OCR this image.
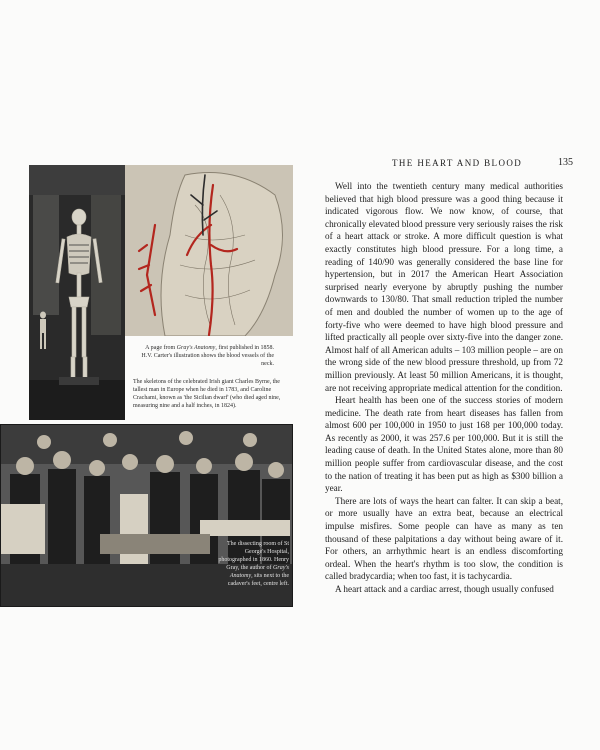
A page from Gray's Anatomy, first published in 1858. H.V. Carter's illustration shows the blood vessels of the neck.
The skeletons of the celebrated Irish giant Charles Byrne, the tallest man in Europe when he died in 1783, and Caroline Crachami, known as 'the Sicilian dwarf' (who died aged nine, measuring nine and a half inches, in 1824).
The dissecting room of St George's Hospital, photographed in 1860. Henry Gray, the author of Gray's Anatomy, sits next to the cadaver's feet, centre left.
THE HEART AND BLOOD	135

Well into the twentieth century many medical authorities believed that high blood pressure was a good thing because it indicated vigorous flow. We now know, of course, that chronically elevated blood pressure very seriously raises the risk of a heart attack or stroke. A more difficult question is what exactly constitutes high blood pressure. For a long time, a reading of 140/90 was generally considered the base line for hypertension, but in 2017 the American Heart Association surprised nearly everyone by abruptly pushing the number downwards to 130/80. That small reduction tripled the number of men and doubled the number of women up to the age of forty-five who were deemed to have high blood pressure and lifted practically all people over sixty-five into the danger zone. Almost half of all American adults – 103 million people – are on the wrong side of the new blood pressure threshold, up from 72 million previously. At least 50 million Americans, it is thought, are not receiving appropriate medical attention for the condition.

Heart health has been one of the success stories of modern medicine. The death rate from heart diseases has fallen from almost 600 per 100,000 in 1950 to just 168 per 100,000 today. As recently as 2000, it was 257.6 per 100,000. But it is still the leading cause of death. In the United States alone, more than 80 million people suffer from cardiovascular disease, and the cost to the nation of treating it has been put as high as $300 billion a year.

There are lots of ways the heart can falter. It can skip a beat, or more usually have an extra beat, because an electrical impulse misfires. Some people can have as many as ten thousand of these palpitations a day without being aware of it. For others, an arrhythmic heart is an endless discomforting ordeal. When the heart's rhythm is too slow, the condition is called bradycardia; when too fast, it is tachycardia.

A heart attack and a cardiac arrest, though usually confused
